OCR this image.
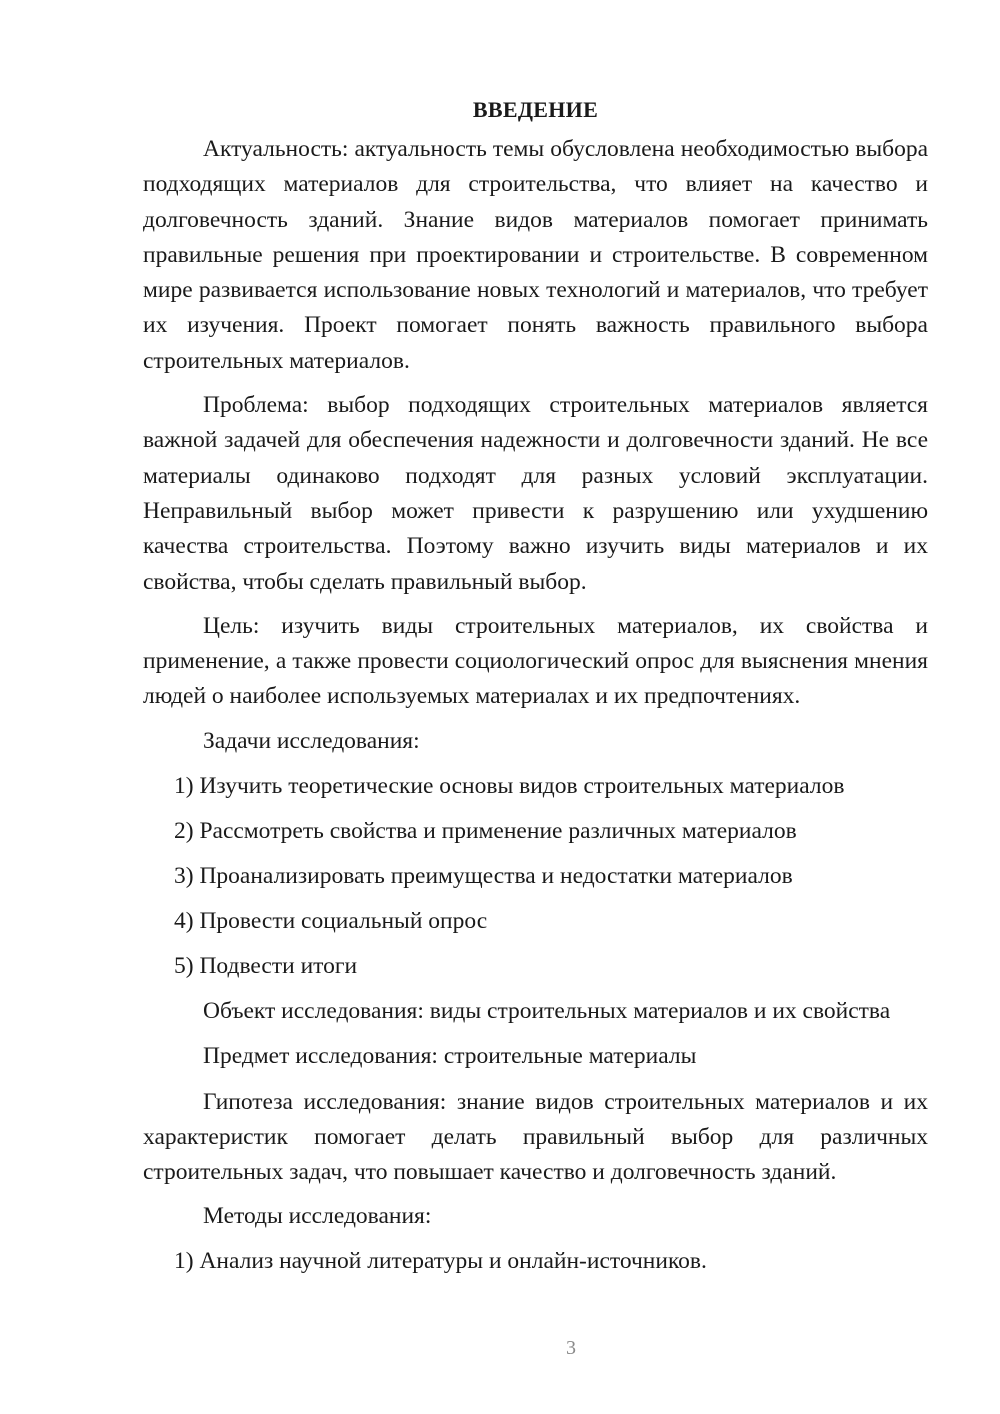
ВВЕДЕНИЕ

Актуальность: актуальность темы обусловлена необходимостью выбора подходящих материалов для строительства, что влияет на качество и долговечность зданий. Знание видов материалов помогает принимать правильные решения при проектировании и строительстве. В современном мире развивается использование новых технологий и материалов, что требует их изучения. Проект помогает понять важность правильного выбора строительных материалов.

Проблема: выбор подходящих строительных материалов является важной задачей для обеспечения надежности и долговечности зданий. Не все материалы одинаково подходят для разных условий эксплуатации. Неправильный выбор может привести к разрушению или ухудшению качества строительства. Поэтому важно изучить виды материалов и их свойства, чтобы сделать правильный выбор.

Цель: изучить виды строительных материалов, их свойства и применение, а также провести социологический опрос для выяснения мнения людей о наиболее используемых материалах и их предпочтениях.

Задачи исследования:

1) Изучить теоретические основы видов строительных материалов

2) Рассмотреть свойства и применение различных материалов

3) Проанализировать преимущества и недостатки материалов

4) Провести социальный опрос

5) Подвести итоги

Объект исследования: виды строительных материалов и их свойства

Предмет исследования: строительные материалы

Гипотеза исследования: знание видов строительных материалов и их характеристик помогает делать правильный выбор для различных строительных задач, что повышает качество и долговечность зданий.

Методы исследования:

1) Анализ научной литературы и онлайн-источников.

3
